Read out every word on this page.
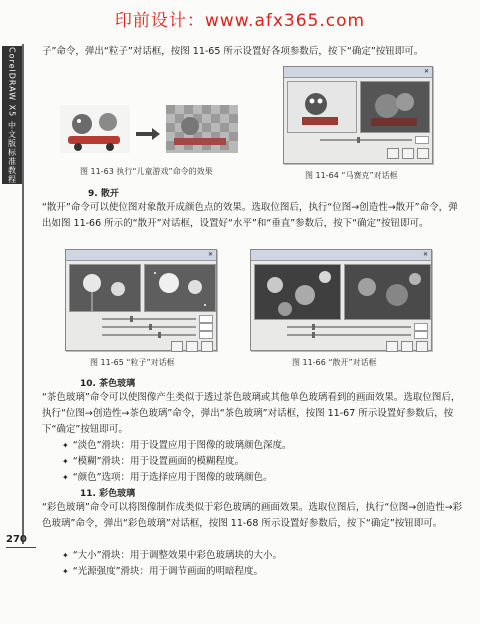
印前设计：www.afx365.com
CorelDRAW X5 中文版标准教程	子”命令，弹出“粒子”对话框，按图 11-65 所示设置好各项参数后，按下“确定”按钮即可。
图 11-63 执行“儿童游戏”命令的效果
✕
图 11-64 “马赛克”对话框
9. 散开
“散开”命令可以使位图对象散开成颜色点的效果。选取位图后，执行“位图→创造性→散开”命令，弹出如图 11-66 所示的“散开”对话框，设置好“水平”和“垂直”参数后，按下“确定”按钮即可。
✕
图 11-65 “粒子”对话框
✕
图 11-66 “散开”对话框
10. 茶色玻璃
“茶色玻璃”命令可以使图像产生类似于透过茶色玻璃或其他单色玻璃看到的画面效果。选取位图后，执行“位图→创造性→茶色玻璃”命令，弹出“茶色玻璃”对话框，按图 11-67 所示设置好参数后，按下“确定”按钮即可。
✦ “淡色”滑块：用于设置应用于图像的玻璃颜色深度。
✦ “模糊”滑块：用于设置画面的模糊程度。
✦ “颜色”选项：用于选择应用于图像的玻璃颜色。
11. 彩色玻璃
“彩色玻璃”命令可以将图像制作成类似于彩色玻璃的画面效果。选取位图后，执行“位图→创造性→彩色玻璃”命令，弹出“彩色玻璃”对话框，按图 11-68 所示设置好参数后，按下“确定”按钮即可。
✦ “大小”滑块：用于调整效果中彩色玻璃块的大小。
✦ “光源强度”滑块：用于调节画面的明暗程度。
270
